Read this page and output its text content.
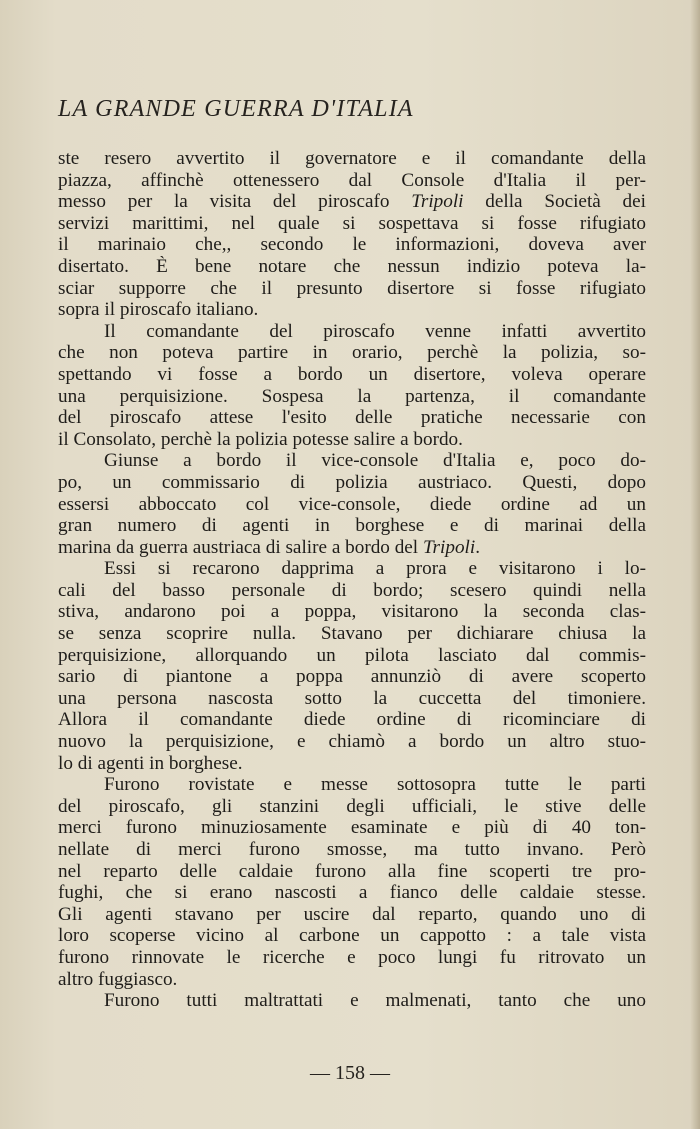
LA GRANDE GUERRA D'ITALIA
ste resero avvertito il governatore e il comandante della
piazza, affinchè ottenessero dal Console d'Italia il per-
messo per la visita del piroscafo Tripoli della Società dei
servizi marittimi, nel quale si sospettava si fosse rifugiato
il marinaio che,, secondo le informazioni, doveva aver
disertato. È bene notare che nessun indizio poteva la-
sciar supporre che il presunto disertore si fosse rifugiato
sopra il piroscafo italiano.
Il comandante del piroscafo venne infatti avvertito
che non poteva partire in orario, perchè la polizia, so-
spettando vi fosse a bordo un disertore, voleva operare
una perquisizione. Sospesa la partenza, il comandante
del piroscafo attese l'esito delle pratiche necessarie con
il Consolato, perchè la polizia potesse salire a bordo.
Giunse a bordo il vice-console d'Italia e, poco do-
po, un commissario di polizia austriaco. Questi, dopo
essersi abboccato col vice-console, diede ordine ad un
gran numero di agenti in borghese e di marinai della
marina da guerra austriaca di salire a bordo del Tripoli.
Essi si recarono dapprima a prora e visitarono i lo-
cali del basso personale di bordo; scesero quindi nella
stiva, andarono poi a poppa, visitarono la seconda clas-
se senza scoprire nulla. Stavano per dichiarare chiusa la
perquisizione, allorquando un pilota lasciato dal commis-
sario di piantone a poppa annunziò di avere scoperto
una persona nascosta sotto la cuccetta del timoniere.
Allora il comandante diede ordine di ricominciare di
nuovo la perquisizione, e chiamò a bordo un altro stuo-
lo di agenti in borghese.
Furono rovistate e messe sottosopra tutte le parti
del piroscafo, gli stanzini degli ufficiali, le stive delle
merci furono minuziosamente esaminate e più di 40 ton-
nellate di merci furono smosse, ma tutto invano. Però
nel reparto delle caldaie furono alla fine scoperti tre pro-
fughi, che si erano nascosti a fianco delle caldaie stesse.
Gli agenti stavano per uscire dal reparto, quando uno di
loro scoperse vicino al carbone un cappotto : a tale vista
furono rinnovate le ricerche e poco lungi fu ritrovato un
altro fuggiasco.
Furono tutti maltrattati e malmenati, tanto che uno
— 158 —
